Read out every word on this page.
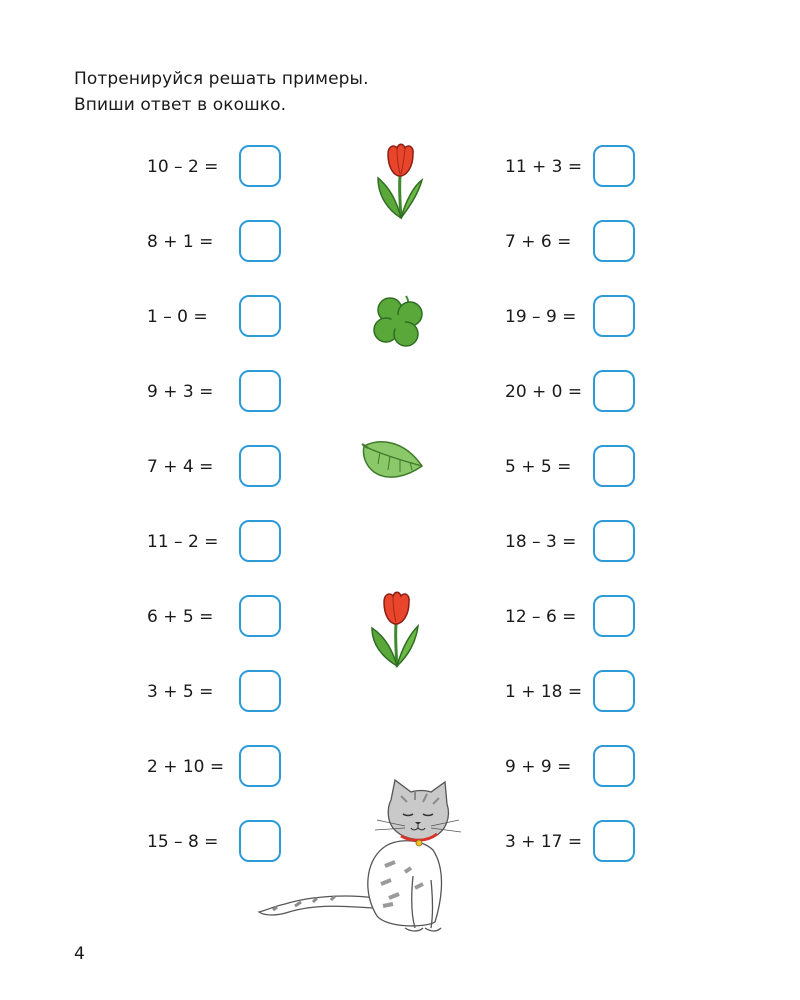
Потренируйся решать примеры.
Впиши ответ в окошко.
10 – 2 =
8 + 1 =
1 – 0 =
9 + 3 =
7 + 4 =
11 – 2 =
6 + 5 =
3 + 5 =
2 + 10 =
15 – 8 =
11 + 3 =
7 + 6 =
19 – 9 =
20 + 0 =
5 + 5 =
18 – 3 =
12 – 6 =
1 + 18 =
9 + 9 =
3 + 17 =
4
